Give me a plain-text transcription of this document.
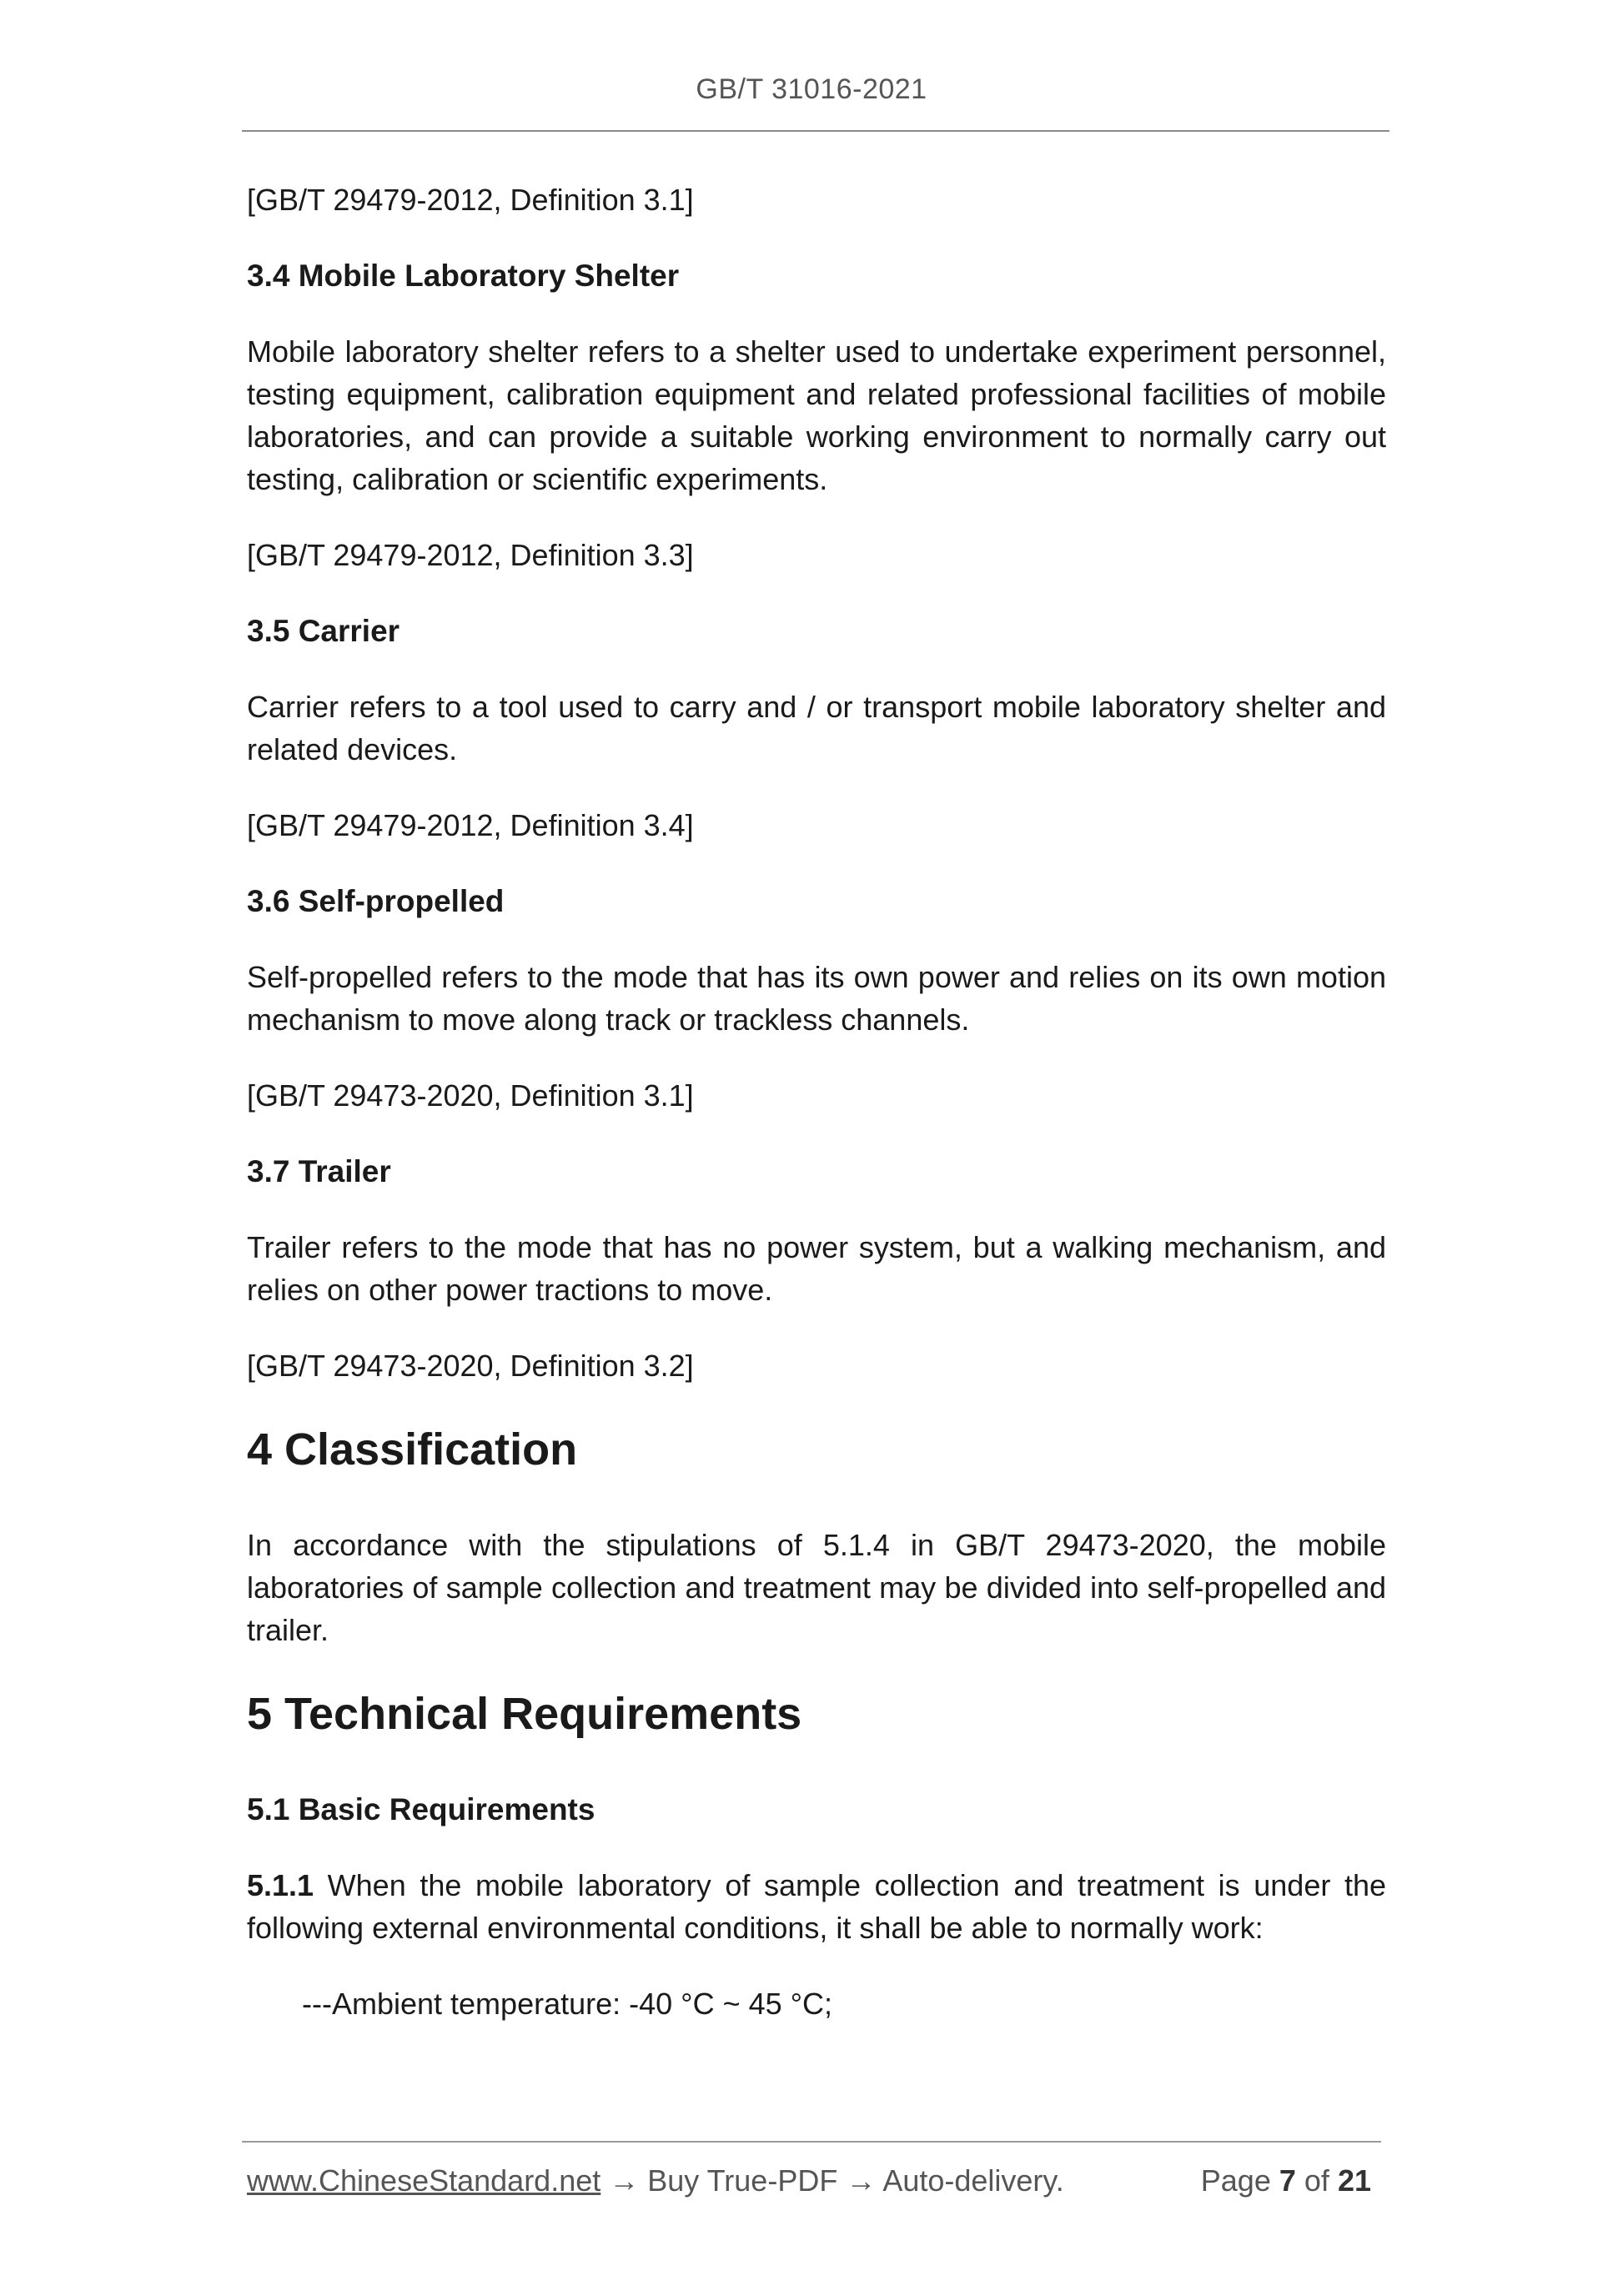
GB/T 31016-2021

[GB/T 29479-2012, Definition 3.1]

3.4 Mobile Laboratory Shelter

Mobile laboratory shelter refers to a shelter used to undertake experiment personnel, testing equipment, calibration equipment and related professional facilities of mobile laboratories, and can provide a suitable working environment to normally carry out testing, calibration or scientific experiments.

[GB/T 29479-2012, Definition 3.3]

3.5 Carrier

Carrier refers to a tool used to carry and / or transport mobile laboratory shelter and related devices.

[GB/T 29479-2012, Definition 3.4]

3.6 Self-propelled

Self-propelled refers to the mode that has its own power and relies on its own motion mechanism to move along track or trackless channels.

[GB/T 29473-2020, Definition 3.1]

3.7 Trailer

Trailer refers to the mode that has no power system, but a walking mechanism, and relies on other power tractions to move.

[GB/T 29473-2020, Definition 3.2]

4 Classification

In accordance with the stipulations of 5.1.4 in GB/T 29473-2020, the mobile laboratories of sample collection and treatment may be divided into self-propelled and trailer.

5 Technical Requirements

5.1 Basic Requirements

5.1.1 When the mobile laboratory of sample collection and treatment is under the following external environmental conditions, it shall be able to normally work:

---Ambient temperature: -40 °C ~ 45 °C;

www.ChineseStandard.net → Buy True-PDF → Auto-delivery.	Page 7 of 21
